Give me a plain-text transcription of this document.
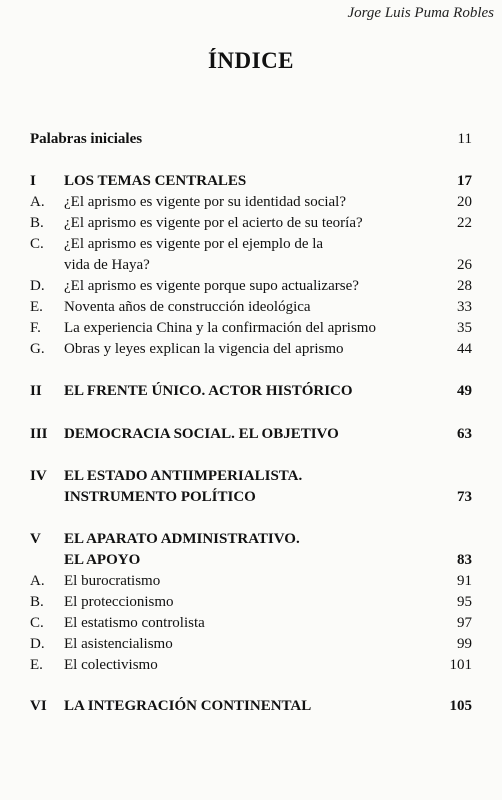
Jorge Luis Puma Robles
ÍNDICE
Palabras iniciales	11
I LOS TEMAS CENTRALES	17
A. ¿El aprismo es vigente por su identidad social?	20
B. ¿El aprismo es vigente por el acierto de su teoría?	22
C. ¿El aprismo es vigente por el ejemplo de la
vida de Haya?	26
D. ¿El aprismo es vigente porque supo actualizarse?	28
E. Noventa años de construcción ideológica	33
F. La experiencia China y la confirmación del aprismo	35
G. Obras y leyes explican la vigencia del aprismo	44
II EL FRENTE ÚNICO. ACTOR HISTÓRICO	49
III DEMOCRACIA SOCIAL. EL OBJETIVO	63
IV EL ESTADO ANTIIMPERIALISTA.
INSTRUMENTO POLÍTICO	73
V EL APARATO ADMINISTRATIVO.
EL APOYO	83
A. El burocratismo	91
B. El proteccionismo	95
C. El estatismo controlista	97
D. El asistencialismo	99
E. El colectivismo	101
VI LA INTEGRACIÓN CONTINENTAL	105
